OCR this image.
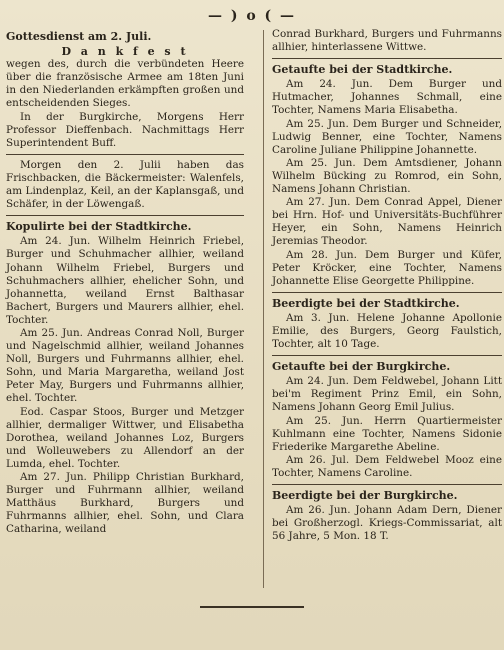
— ) o ( —
Gottesdienst am 2. Juli.
D a n k f e s t

wegen des, durch die verbündeten Heere über die französische Armee am 18ten Juni in den Niederlanden erkämpften großen und entscheidenden Sieges.

In der Burgkirche, Morgens Herr Professor Dieffenbach. Nachmittags Herr Superintendent Buff.

Morgen den 2. Julii haben das Frischbacken, die Bäckermeister: Walenfels, am Lindenplaz, Keil, an der Kaplansgaß, und Schäfer, in der Löwengaß.

Kopulirte bei der Stadtkirche.

Am 24. Jun. Wilhelm Heinrich Friebel, Burger und Schuhmacher allhier, weiland Johann Wilhelm Friebel, Burgers und Schuhmachers allhier, ehelicher Sohn, und Johannetta, weiland Ernst Balthasar Bachert, Burgers und Maurers allhier, ehel. Tochter.

Am 25. Jun. Andreas Conrad Noll, Burger und Nagelschmid allhier, weiland Johannes Noll, Burgers und Fuhrmanns allhier, ehel. Sohn, und Maria Margaretha, weiland Jost Peter May, Burgers und Fuhrmanns allhier, ehel. Tochter.

Eod. Caspar Stoos, Burger und Metzger allhier, dermaliger Wittwer, und Elisabetha Dorothea, weiland Johannes Loz, Burgers und Wolleuwebers zu Allendorf an der Lumda, ehel. Tochter.

Am 27. Jun. Philipp Christian Burkhard, Burger und Fuhrmann allhier, weiland Matthäus Burkhard, Burgers und Fuhrmanns allhier, ehel. Sohn, und Clara Catharina, weiland

Conrad Burkhard, Burgers und Fuhrmanns allhier, hinterlassene Wittwe.

Getaufte bei der Stadtkirche.

Am 24. Jun. Dem Burger und Hutmacher, Johannes Schmall, eine Tochter, Namens Maria Elisabetha.

Am 25. Jun. Dem Burger und Schneider, Ludwig Benner, eine Tochter, Namens Caroline Juliane Philippine Johannette.

Am 25. Jun. Dem Amtsdiener, Johann Wilhelm Bücking zu Romrod, ein Sohn, Namens Johann Christian.

Am 27. Jun. Dem Conrad Appel, Diener bei Hrn. Hof- und Universitäts-Buchführer Heyer, ein Sohn, Namens Heinrich Jeremias Theodor.

Am 28. Jun. Dem Burger und Küfer, Peter Kröcker, eine Tochter, Namens Johannette Elise Georgette Philippine.

Beerdigte bei der Stadtkirche.

Am 3. Jun. Helene Johanne Apollonie Emilie, des Burgers, Georg Faulstich, Tochter, alt 10 Tage.

Getaufte bei der Burgkirche.

Am 24. Jun. Dem Feldwebel, Johann Litt bei'm Regiment Prinz Emil, ein Sohn, Namens Johann Georg Emil Julius.

Am 25. Jun. Herrn Quartiermeister Kuhlmann eine Tochter, Namens Sidonie Friederike Margarethe Abeline.

Am 26. Jul. Dem Feldwebel Mooz eine Tochter, Namens Caroline.

Beerdigte bei der Burgkirche.

Am 26. Jun. Johann Adam Dern, Diener bei Großherzogl. Kriegs-Commissariat, alt 56 Jahre, 5 Mon. 18 T.
